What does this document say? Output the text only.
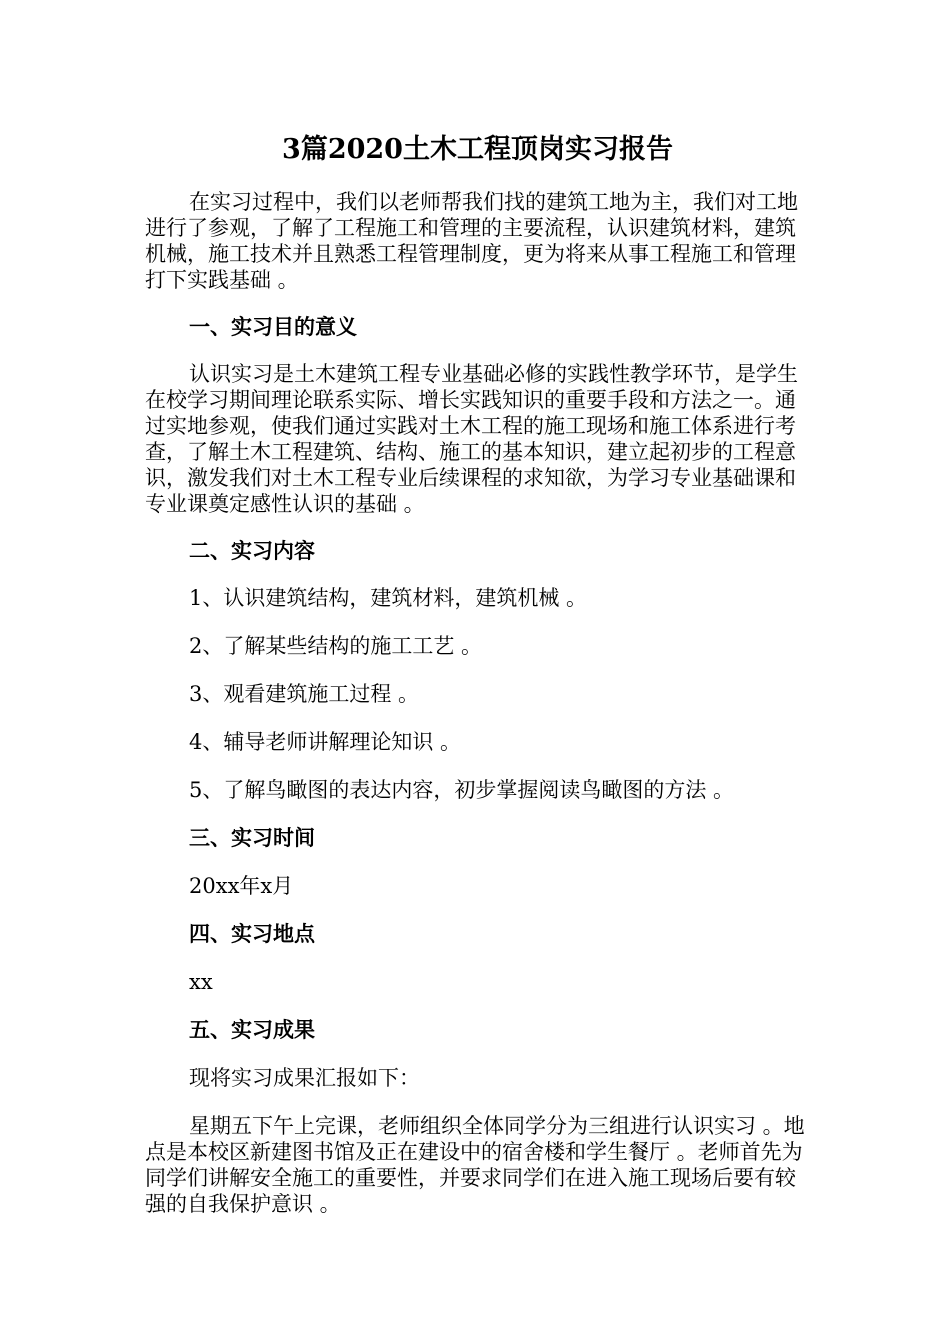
3篇2020土木工程顶岗实习报告

在实习过程中，我们以老师帮我们找的建筑工地为主，我们对工地进行了参观，了解了工程施工和管理的主要流程，认识建筑材料，建筑机械，施工技术并且熟悉工程管理制度，更为将来从事工程施工和管理打下实践基础 。

一、实习目的意义

认识实习是土木建筑工程专业基础必修的实践性教学环节，是学生在校学习期间理论联系实际、增长实践知识的重要手段和方法之一。通过实地参观，使我们通过实践对土木工程的施工现场和施工体系进行考查，了解土木工程建筑、结构、施工的基本知识，建立起初步的工程意识，激发我们对土木工程专业后续课程的求知欲，为学习专业基础课和专业课奠定感性认识的基础 。

二、实习内容

1、认识建筑结构，建筑材料，建筑机械 。

2、了解某些结构的施工工艺 。

3、观看建筑施工过程 。

4、辅导老师讲解理论知识 。

5、了解鸟瞰图的表达内容，初步掌握阅读鸟瞰图的方法 。

三、实习时间

20xx年x月

四、实习地点

xx

五、实习成果

现将实习成果汇报如下：

星期五下午上完课，老师组织全体同学分为三组进行认识实习 。地点是本校区新建图书馆及正在建设中的宿舍楼和学生餐厅 。老师首先为同学们讲解安全施工的重要性，并要求同学们在进入施工现场后要有较强的自我保护意识 。
